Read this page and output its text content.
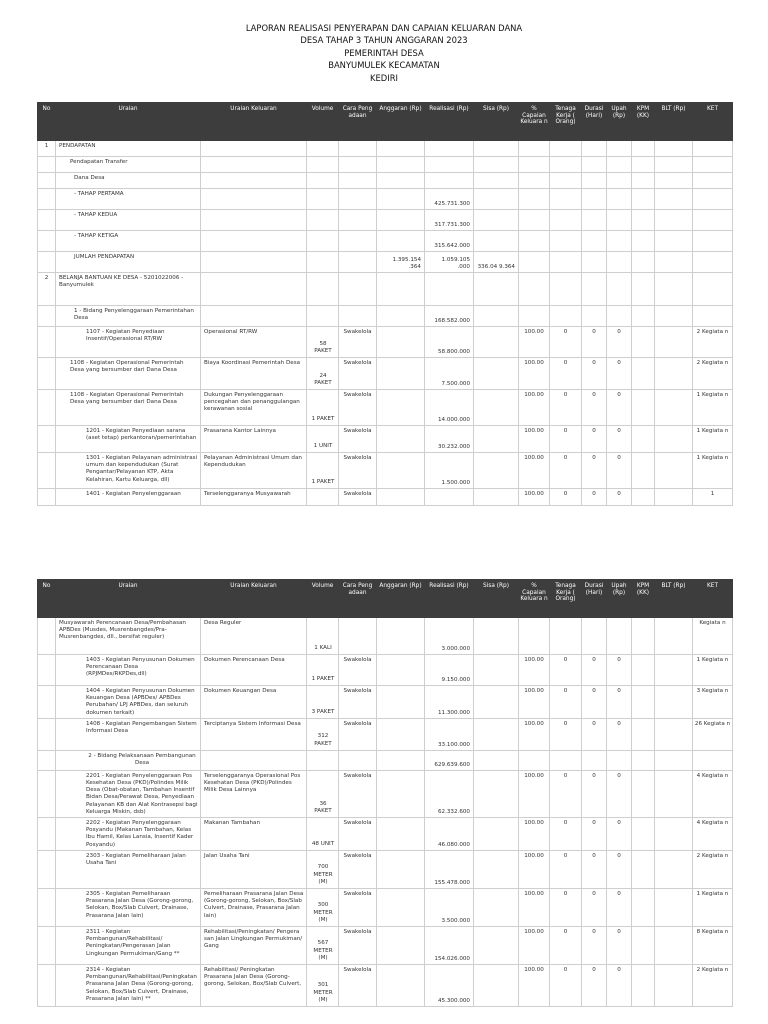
LAPORAN REALISASI PENYERAPAN DAN CAPAIAN KELUARAN DANA
DESA TAHAP 3 TAHUN ANGGARAN 2023
PEMERINTAH DESA
BANYUMULEK KECAMATAN
KEDIRI
No	Uraian	Uraian Keluaran	Volume	Cara Peng adaan	Anggaran (Rp)	Realisasi (Rp)	Sisa (Rp)	% Capaian Keluara n	Tenaga Kerja ( Orang)	Durasi (Hari)	Upah (Rp)	KPM (KK)	BLT (Rp)	KET
1	PENDAPATAN													
	Pendapatan Transfer													
	Dana Desa													
	- TAHAP PERTAMA					425.731.300								
	- TAHAP KEDUA					317.731.300								
	- TAHAP KETIGA					315.642.000								
	JUMLAH PENDAPATAN				1.395.154 .364	1.059.105 .000	336.04 9.364							
2	BELANJA BANTUAN KE DESA - 5201022006 - Banyumulek													
	1 - Bidang Penyelenggaraan Pemerintahan Desa					168.582.000								
	1107 - Kegiatan Penyediaan Insentif/Operasional RT/RW	Operasional RT/RW	58 PAKET	Swakelola		58.800.000		100.00	0	0	0			2 Kegiata n
	1108 - Kegiatan Operasional Pemerintah Desa yang bersumber dari Dana Desa	Biaya Koordinasi Pemerintah Desa	24 PAKET	Swakelola		7.500.000		100.00	0	0	0			2 Kegiata n
	1108 - Kegiatan Operasional Pemerintah Desa yang bersumber dari Dana Desa	Dukungan Penyelenggaraan pencegahan dan penanggulangan kerawanan sosial	1 PAKET	Swakelola		14.000.000		100.00	0	0	0			1 Kegiata n
	1201 - Kegiatan Penyediaan sarana (aset tetap) perkantoran/pemerintahan	Prasarana Kantor Lainnya	1 UNIT	Swakelola		30.232.000		100.00	0	0	0			1 Kegiata n
	1301 - Kegiatan Pelayanan administrasi umum dan kependudukan (Surat Pengantar/Pelayanan KTP, Akta Kelahiran, Kartu Keluarga, dll)	Pelayanan Administrasi Umum dan Kependudukan	1 PAKET	Swakelola		1.500.000		100.00	0	0	0			1 Kegiata n
	1401 - Kegiatan Penyelenggaraan	Terselenggaranya Musyawarah		Swakelola				100.00	0	0	0			1
No	Uraian	Uraian Keluaran	Volume	Cara Peng adaan	Anggaran (Rp)	Realisasi (Rp)	Sisa (Rp)	% Capaian Keluara n	Tenaga Kerja ( Orang)	Durasi (Hari)	Upah (Rp)	KPM (KK)	BLT (Rp)	KET
	Musyawarah Perencanaan Desa/Pembahasan APBDes (Musdes, Musrenbangdes/Pra-Musrenbangdes, dll., bersifat reguler)	Desa Reguler	1 KALI			3.000.000								Kegiata n
	1403 - Kegiatan Penyusunan Dokumen Perencanaan Desa (RPJMDes/RKPDes,dll)	Dokumen Perencanaan Desa	1 PAKET	Swakelola		9.150.000		100.00	0	0	0			1 Kegiata n
	1404 - Kegiatan Penyusunan Dokumen Keuangan Desa (APBDes/ APBDes Perubahan/ LPJ APBDes, dan seluruh dokumen terkait)	Dokumen Keuangan Desa	3 PAKET	Swakelola		11.300.000		100.00	0	0	0			3 Kegiata n
	1408 - Kegiatan Pengembangan Sistem Informasi Desa	Terciptanya Sistem Informasi Desa	312 PAKET	Swakelola		33.100.000		100.00	0	0	0			26 Kegiata n
	2 - Bidang Pelaksanaan Pembangunan Desa					629.639.600								
	2201 - Kegiatan Penyelenggaraan Pos Kesehatan Desa (PKD)/Polindes Milik Desa (Obat-obatan, Tambahan Insentif Bidan Desa/Perawat Desa, Penyediaan Pelayanan KB dan Alat Kontrasepsi bagi Keluarga Miskin, dsb)	Terselenggaranya Operasional Pos Kesehatan Desa (PKD)/Polindes Milik Desa Lainnya	36 PAKET	Swakelola		62.332.600		100.00	0	0	0			4 Kegiata n
	2202 - Kegiatan Penyelenggaraan Posyandu (Makanan Tambahan, Kelas Ibu Hamil, Kelas Lansia, Insentif Kader Posyandu)	Makanan Tambahan	48 UNIT	Swakelola		46.080.000		100.00	0	0	0			4 Kegiata n
	2303 - Kegiatan Pemeliharaan Jalan Usaha Tani	Jalan Usaha Tani	700 METER (M)	Swakelola		155.478.000		100.00	0	0	0			2 Kegiata n
	2305 - Kegiatan Pemeliharaan Prasarana Jalan Desa (Gorong-gorong, Selokan, Box/Slab Culvert, Drainase, Prasarana Jalan lain)	Pemeliharaan Prasarana Jalan Desa (Gorong-gorong, Selokan, Box/Slab Culvert, Drainase, Prasarana Jalan lain)	300 METER (M)	Swakelola		3.500.000		100.00	0	0	0			1 Kegiata n
	2311 - Kegiatan Pembangunan/Rehabilitasi/ Peningkatan/Pengerasan Jalan Lingkungan Permukiman/Gang **	Rehabilitasi/Peningkatan/ Pengera san Jalan Lingkungan Permukiman/ Gang	567 METER (M)	Swakelola		154.026.000		100.00	0	0	0			8 Kegiata n
	2314 - Kegiatan Pembangunan/Rehabilitasi/Peningkatan Prasarana Jalan Desa (Gorong-gorong, Selokan, Box/Slab Culvert, Drainase, Prasarana Jalan lain) **	Rehabilitasi/ Peningkatan Prasarana Jalan Desa (Gorong-gorong, Selokan, Box/Slab Culvert,	301 METER (M)	Swakelola		45.300.000		100.00	0	0	0			2 Kegiata n
